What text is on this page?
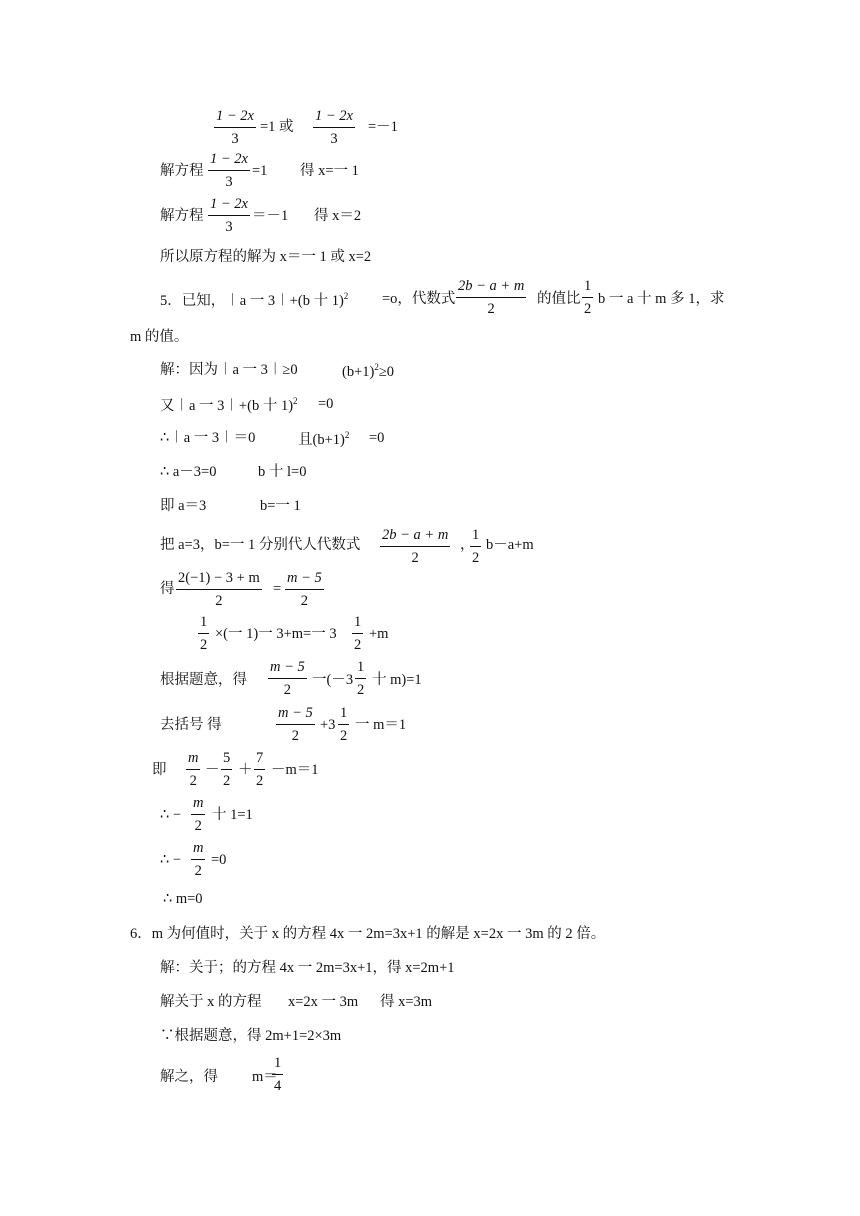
1 − 2x
3
=1 或
1 − 2x
3
=－1
解方程
1 − 2x
3
=1 得 x=一 1
解方程
1 − 2x
3
＝－1 得 x＝2
所以原方程的解为 x＝一 1 或 x=2
5．已知，︱a 一 3︱+(b 十 1)$^2$ =o，代数式
2b − a + m
2
的值比
1
2
b 一 a 十 m 多 1，求
m 的值。
解：因为︱a 一 3︱≥0	$(b+1)^2\ge 0$
又︱a 一 3︱+(b 十 1)$^2$ =0
∴︱a 一 3︱＝0	且$(b+1)^2 =0$
∴ a－3=0	b 十 l=0
即 a＝3	b=一 1
把 a=3，b=一 1 分别代人代数式
2b − a + m
2
，
1
2
b－a+m
得
2(−1) − 3 + m
2
=
m − 5
2
1
2
×(一 1)一 3+m=一 3
1
2
+m
根据题意，得
m − 5
2
一(－3
1
2
十 m)=1
去括号 得
m − 5
2
+3
1
2
一 m＝1
即
m
2
－
5
2
＋
7
2
－m＝1
∴ −
m
2
十 1=1
∴ −
m
2
=0
∴ m=0
6．m 为何值时，关于 x 的方程 4x 一 2m=3x+1 的解是 x=2x 一 3m 的 2 倍。
解：关于；的方程 4x 一 2m=3x+1，得 x=2m+1
解关于 x 的方程 x=2x 一 3m 得 x=3m
∵根据题意，得 2m+1=2×3m
解之，得 m＝
1
4
